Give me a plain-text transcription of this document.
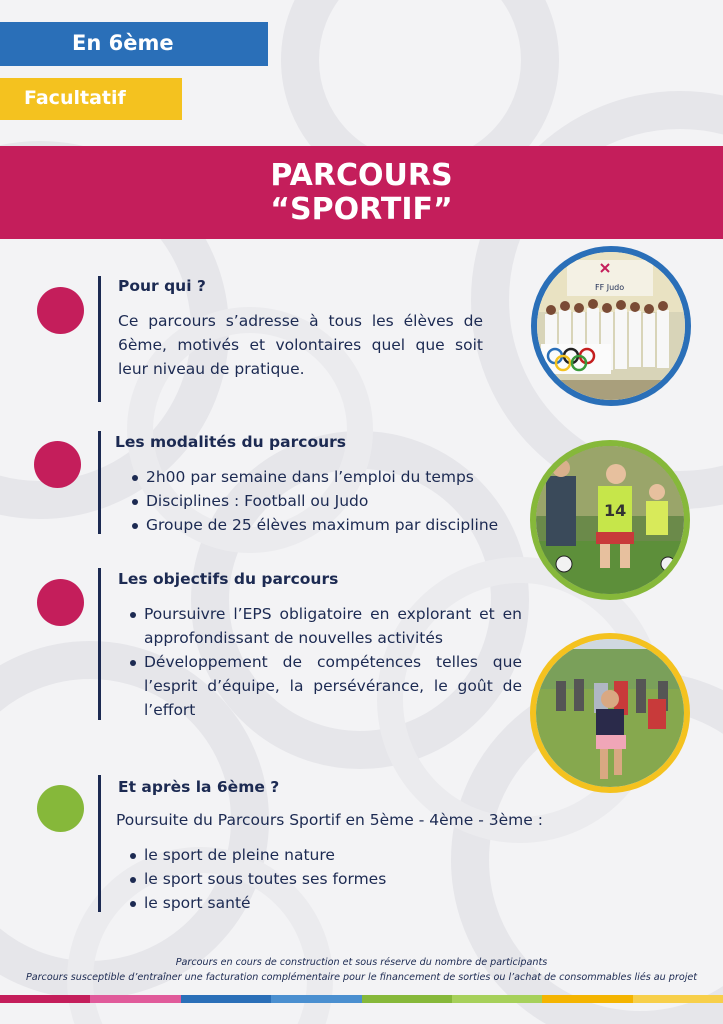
En 6ème
Facultatif
PARCOURS
“SPORTIF”
Pour qui ?
Ce parcours s’adresse à tous les élèves de 6ème, motivés et volontaires quel que soit leur niveau de pratique.
Les modalités du parcours
2h00 par semaine dans l’emploi du temps
Disciplines : Football ou Judo
Groupe de 25 élèves maximum par discipline
Les objectifs du parcours
Poursuivre l’EPS obligatoire en explorant et en approfondissant de nouvelles activités
Développement de compétences telles que l’esprit d’équipe, la persévérance, le goût de l’effort
Et après la 6ème ?
Poursuite du Parcours Sportif en 5ème - 4ème - 3ème :
le sport de pleine nature
le sport sous toutes ses formes
le sport santé
FF Judo
14
Parcours en cours de construction et sous réserve du nombre de participants
Parcours susceptible d’entraîner une facturation complémentaire pour le financement de sorties ou l’achat de consommables liés au projet
